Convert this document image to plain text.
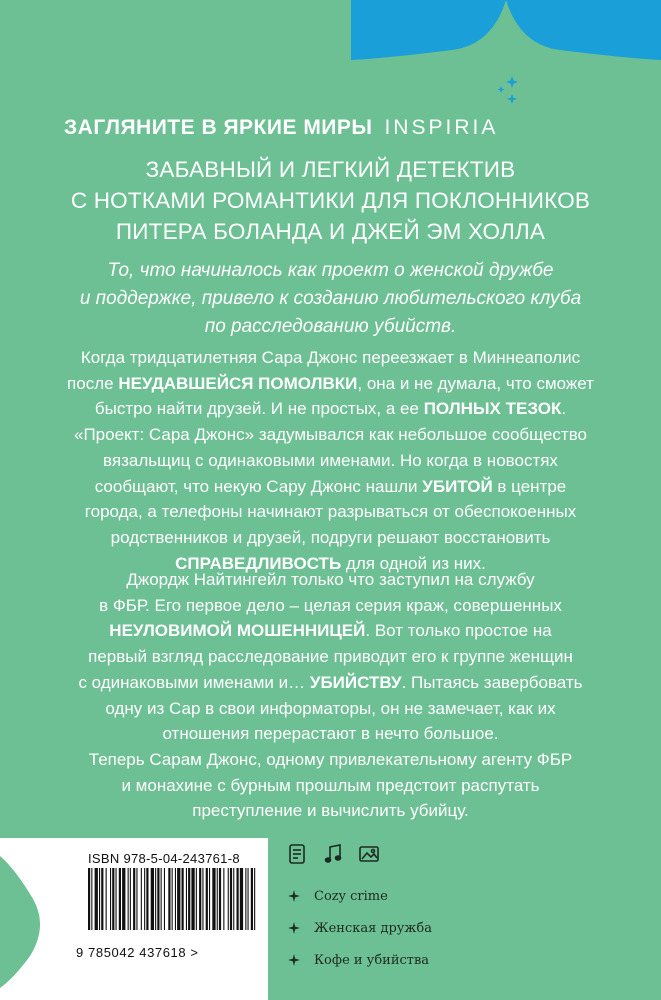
ЗАГЛЯНИТЕ В ЯРКИЕ МИРЫ INSPIRIA
ЗАБАВНЫЙ И ЛЕГКИЙ ДЕТЕКТИВ
С НОТКАМИ РОМАНТИКИ ДЛЯ ПОКЛОННИКОВ
ПИТЕРА БОЛАНДА И ДЖЕЙ ЭМ ХОЛЛА
То, что начиналось как проект о женской дружбе
и поддержке, привело к созданию любительского клуба
по расследованию убийств.
Когда тридцатилетняя Сара Джонс переезжает в Миннеаполис
после НЕУДАВШЕЙСЯ ПОМОЛВКИ, она и не думала, что сможет
быстро найти друзей. И не простых, а ее ПОЛНЫХ ТЕЗОК.
«Проект: Сара Джонс» задумывался как небольшое сообщество
вязальщиц с одинаковыми именами. Но когда в новостях
сообщают, что некую Сару Джонс нашли УБИТОЙ в центре
города, а телефоны начинают разрываться от обеспокоенных
родственников и друзей, подруги решают восстановить
СПРАВЕДЛИВОСТЬ для одной из них.
Джордж Найтингейл только что заступил на службу
в ФБР. Его первое дело – целая серия краж, совершенных
НЕУЛОВИМОЙ МОШЕННИЦЕЙ. Вот только простое на
первый взгляд расследование приводит его к группе женщин
с одинаковыми именами и… УБИЙСТВУ. Пытаясь завербовать
одну из Сар в свои информаторы, он не замечает, как их
отношения перерастают в нечто большое.
Теперь Сарам Джонс, одному привлекательному агенту ФБР
и монахине с бурным прошлым предстоит распутать
преступление и вычислить убийцу.
ISBN 978-5-04-243761-8
9 785042 437618 >
Cozy crime
Женская дружба
Кофе и убийства
